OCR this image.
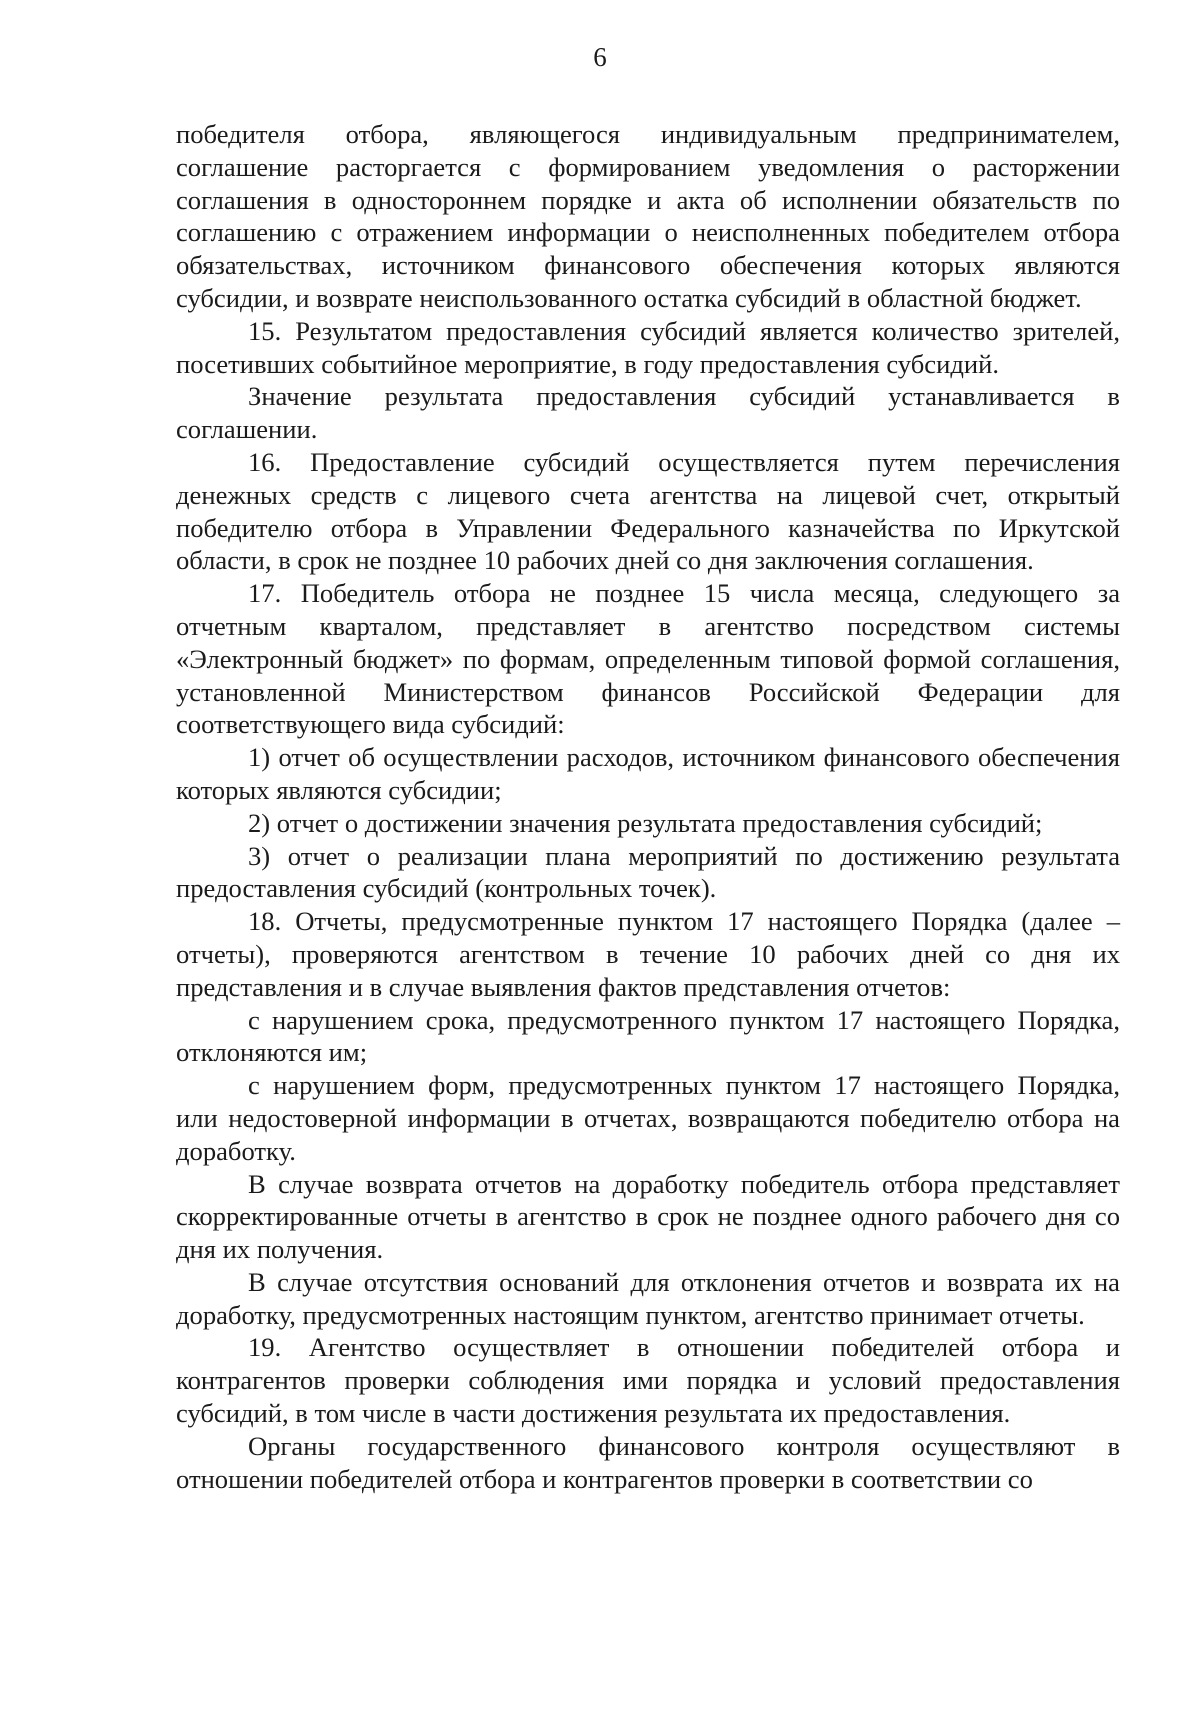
6

победителя отбора, являющегося индивидуальным предпринимателем, соглашение расторгается с формированием уведомления о расторжении соглашения в одностороннем порядке и акта об исполнении обязательств по соглашению с отражением информации о неисполненных победителем отбора обязательствах, источником финансового обеспечения которых являются субсидии, и возврате неиспользованного остатка субсидий в областной бюджет.

15. Результатом предоставления субсидий является количество зрителей, посетивших событийное мероприятие, в году предоставления субсидий.

Значение результата предоставления субсидий устанавливается в соглашении.

16. Предоставление субсидий осуществляется путем перечисления денежных средств с лицевого счета агентства на лицевой счет, открытый победителю отбора в Управлении Федерального казначейства по Иркутской области, в срок не позднее 10 рабочих дней со дня заключения соглашения.

17. Победитель отбора не позднее 15 числа месяца, следующего за отчетным кварталом, представляет в агентство посредством системы «Электронный бюджет» по формам, определенным типовой формой соглашения, установленной Министерством финансов Российской Федерации для соответствующего вида субсидий:

1) отчет об осуществлении расходов, источником финансового обеспечения которых являются субсидии;

2) отчет о достижении значения результата предоставления субсидий;

3) отчет о реализации плана мероприятий по достижению результата предоставления субсидий (контрольных точек).

18. Отчеты, предусмотренные пунктом 17 настоящего Порядка (далее – отчеты), проверяются агентством в течение 10 рабочих дней со дня их представления и в случае выявления фактов представления отчетов:

с нарушением срока, предусмотренного пунктом 17 настоящего Порядка, отклоняются им;

с нарушением форм, предусмотренных пунктом 17 настоящего Порядка, или недостоверной информации в отчетах, возвращаются победителю отбора на доработку.

В случае возврата отчетов на доработку победитель отбора представляет скорректированные отчеты в агентство в срок не позднее одного рабочего дня со дня их получения.

В случае отсутствия оснований для отклонения отчетов и возврата их на доработку, предусмотренных настоящим пунктом, агентство принимает отчеты.

19. Агентство осуществляет в отношении победителей отбора и контрагентов проверки соблюдения ими порядка и условий предоставления субсидий, в том числе в части достижения результата их предоставления.

Органы государственного финансового контроля осуществляют в отношении победителей отбора и контрагентов проверки в соответствии со
